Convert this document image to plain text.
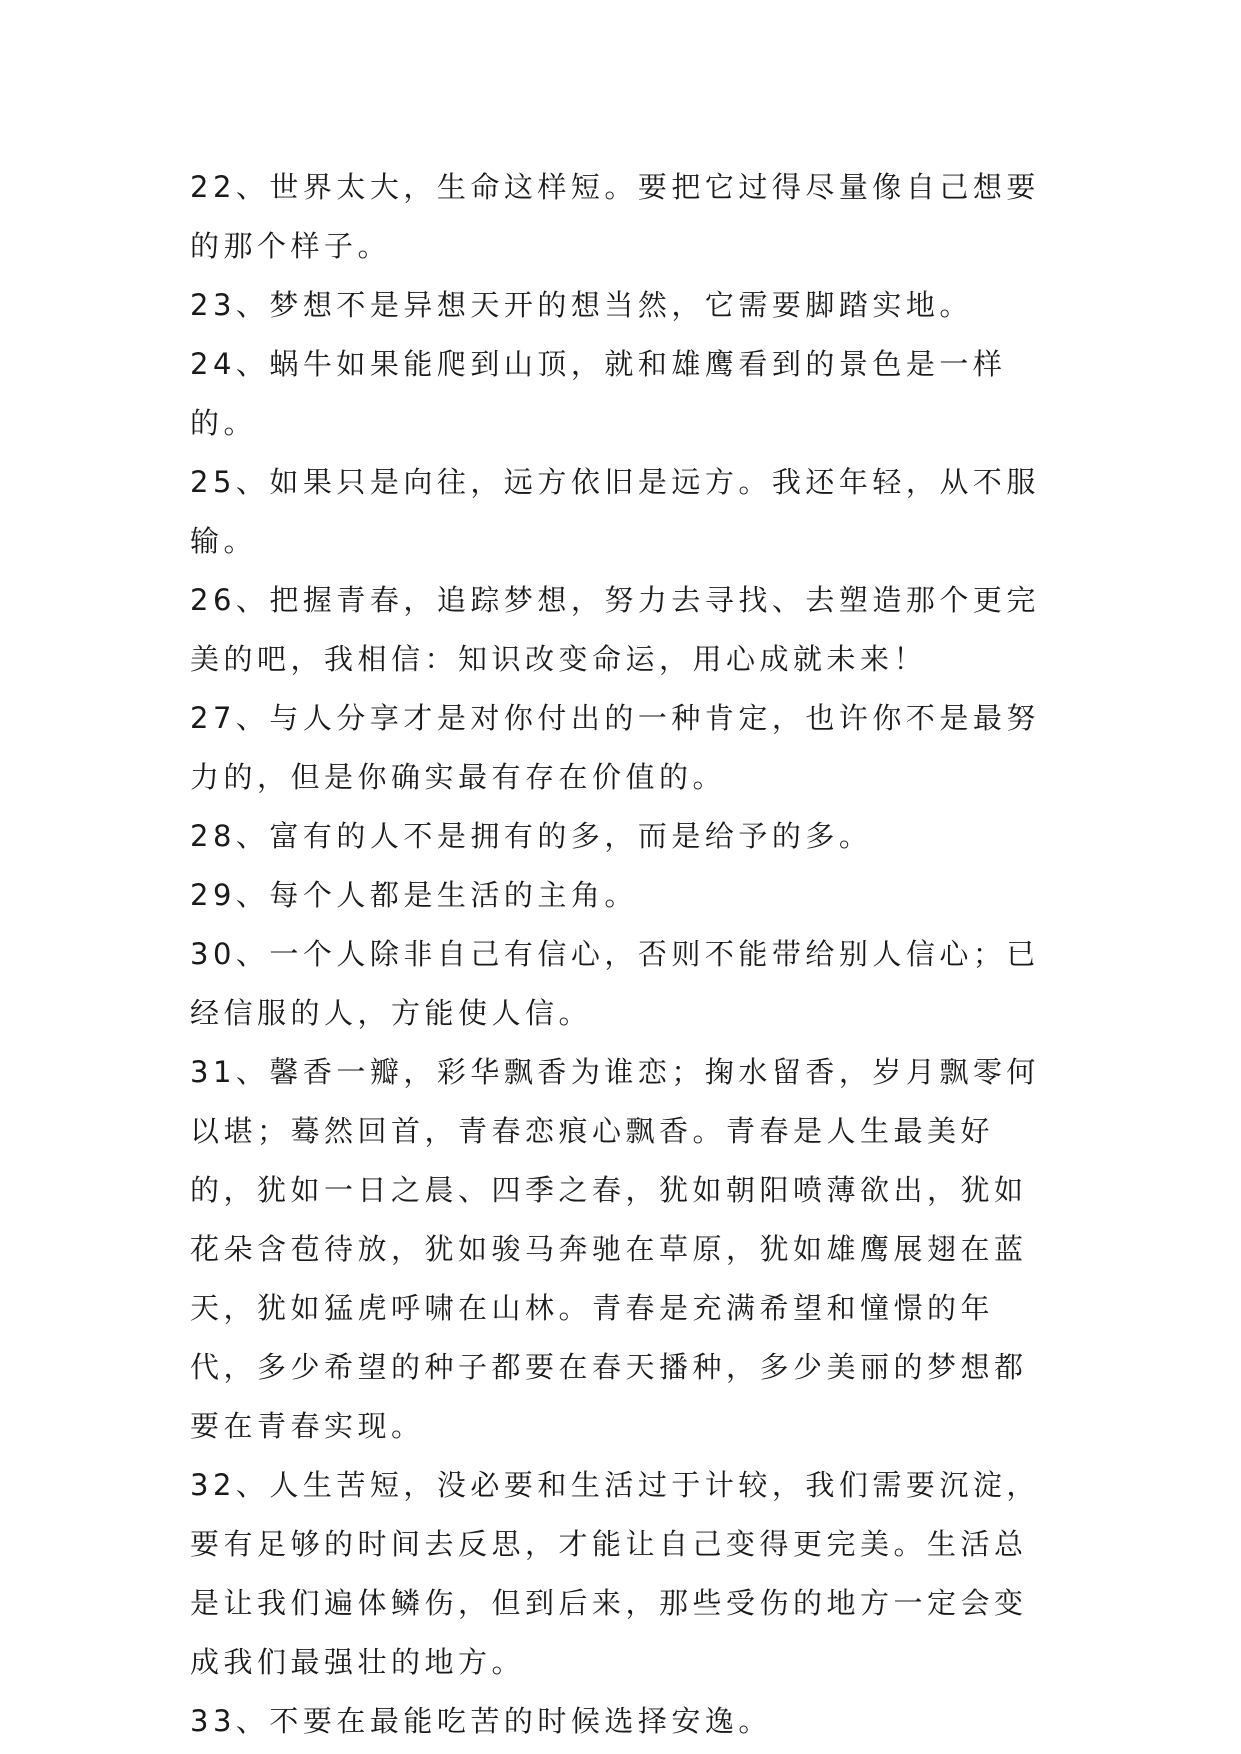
22、世界太大，生命这样短。要把它过得尽量像自己想要的那个样子。

23、梦想不是异想天开的想当然，它需要脚踏实地。

24、蜗牛如果能爬到山顶，就和雄鹰看到的景色是一样的。

25、如果只是向往，远方依旧是远方。我还年轻，从不服输。

26、把握青春，追踪梦想，努力去寻找、去塑造那个更完美的吧，我相信：知识改变命运，用心成就未来！

27、与人分享才是对你付出的一种肯定，也许你不是最努力的，但是你确实最有存在价值的。

28、富有的人不是拥有的多，而是给予的多。

29、每个人都是生活的主角。

30、一个人除非自己有信心，否则不能带给别人信心；已经信服的人，方能使人信。

31、馨香一瓣，彩华飘香为谁恋；掬水留香，岁月飘零何以堪；蓦然回首，青春恋痕心飘香。青春是人生最美好的，犹如一日之晨、四季之春，犹如朝阳喷薄欲出，犹如花朵含苞待放，犹如骏马奔驰在草原，犹如雄鹰展翅在蓝天，犹如猛虎呼啸在山林。青春是充满希望和憧憬的年代，多少希望的种子都要在春天播种，多少美丽的梦想都要在青春实现。

32、人生苦短，没必要和生活过于计较，我们需要沉淀，要有足够的时间去反思，才能让自己变得更完美。生活总是让我们遍体鳞伤，但到后来，那些受伤的地方一定会变成我们最强壮的地方。

33、不要在最能吃苦的时候选择安逸。
